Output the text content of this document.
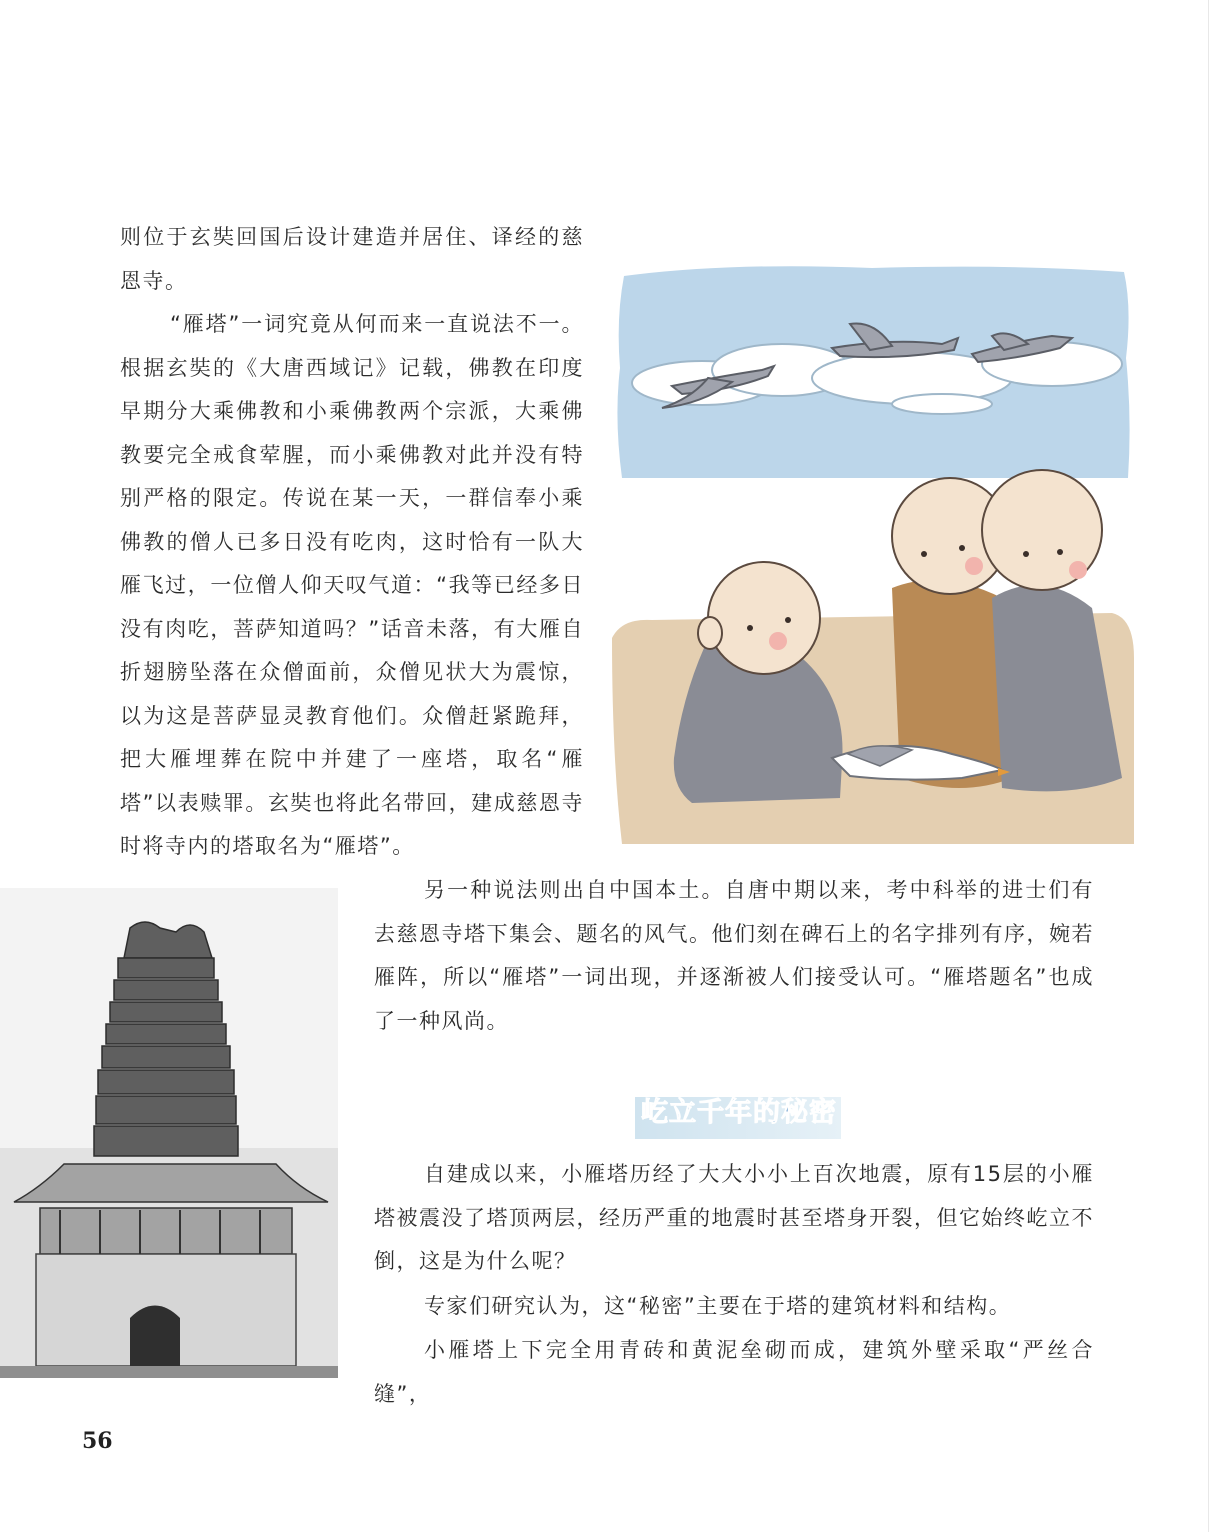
则位于玄奘回国后设计建造并居住、译经的慈恩寺。

“雁塔”一词究竟从何而来一直说法不一。根据玄奘的《大唐西域记》记载，佛教在印度早期分大乘佛教和小乘佛教两个宗派，大乘佛教要完全戒食荤腥，而小乘佛教对此并没有特别严格的限定。传说在某一天，一群信奉小乘佛教的僧人已多日没有吃肉，这时恰有一队大雁飞过，一位僧人仰天叹气道：“我等已经多日没有肉吃，菩萨知道吗？”话音未落，有大雁自折翅膀坠落在众僧面前，众僧见状大为震惊，以为这是菩萨显灵教育他们。众僧赶紧跪拜，把大雁埋葬在院中并建了一座塔，取名“雁塔”以表赎罪。玄奘也将此名带回，建成慈恩寺时将寺内的塔取名为“雁塔”。

另一种说法则出自中国本土。自唐中期以来，考中科举的进士们有去慈恩寺塔下集会、题名的风气。他们刻在碑石上的名字排列有序，婉若雁阵，所以“雁塔”一词出现，并逐渐被人们接受认可。“雁塔题名”也成了一种风尚。

屹立千年的秘密

自建成以来，小雁塔历经了大大小小上百次地震，原有15层的小雁塔被震没了塔顶两层，经历严重的地震时甚至塔身开裂，但它始终屹立不倒，这是为什么呢？

专家们研究认为，这“秘密”主要在于塔的建筑材料和结构。

小雁塔上下完全用青砖和黄泥垒砌而成，建筑外壁采取“严丝合缝”，

56
